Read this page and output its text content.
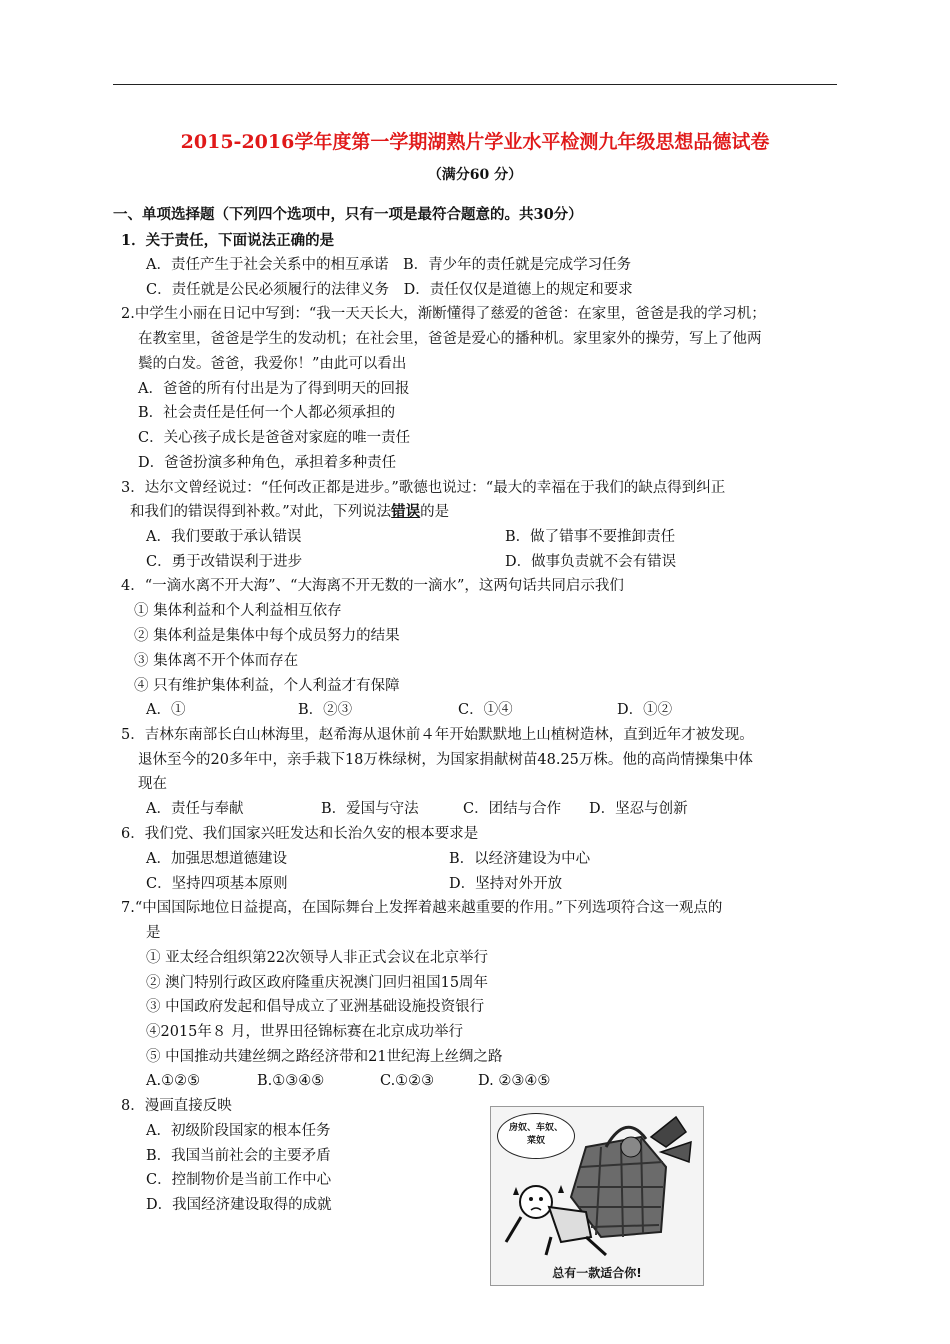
2015-2016学年度第一学期湖熟片学业水平检测九年级思想品德试卷
（满分60 分）
一、单项选择题（下列四个选项中，只有一项是最符合题意的。共30分）
1．关于责任，下面说法正确的是
A．责任产生于社会关系中的相互承诺　B．青少年的责任就是完成学习任务
C．责任就是公民必须履行的法律义务　D．责任仅仅是道德上的规定和要求
2.中学生小丽在日记中写到：“我一天天长大，渐断懂得了慈爱的爸爸：在家里，爸爸是我的学习机；
在教室里，爸爸是学生的发动机；在社会里，爸爸是爱心的播种机。家里家外的操劳，写上了他两
鬓的白发。爸爸，我爱你！”由此可以看出
A．爸爸的所有付出是为了得到明天的回报
B．社会责任是任何一个人都必须承担的
C．关心孩子成长是爸爸对家庭的唯一责任
D．爸爸扮演多种角色，承担着多种责任
3．达尔文曾经说过：“任何改正都是进步。”歌德也说过：“最大的幸福在于我们的缺点得到纠正
和我们的错误得到补救。”对此，下列说法错误的是
A．我们要敢于承认错误	B．做了错事不要推卸责任
C．勇于改错误利于进步	D．做事负责就不会有错误
4．“一滴水离不开大海”、“大海离不开无数的一滴水”，这两句话共同启示我们
① 集体利益和个人利益相互依存
② 集体利益是集体中每个成员努力的结果
③ 集体离不开个体而存在
④ 只有维护集体利益，个人利益才有保障
A．①	B．②③	C．①④	D．①②
5．吉林东南部长白山林海里，赵希海从退休前４年开始默默地上山植树造林，直到近年才被发现。
退休至今的20多年中，亲手栽下18万株绿树，为国家捐献树苗48.25万株。他的高尚情操集中体
现在
A．责任与奉献	B．爱国与守法	C．团结与合作 D．坚忍与创新
6．我们党、我们国家兴旺发达和长治久安的根本要求是
A．加强思想道德建设	B．以经济建设为中心
C．坚持四项基本原则	D．坚持对外开放
7.“中国国际地位日益提高，在国际舞台上发挥着越来越重要的作用。”下列选项符合这一观点的
是
① 亚太经合组织第22次领导人非正式会议在北京举行
② 澳门特别行政区政府隆重庆祝澳门回归祖国15周年
③ 中国政府发起和倡导成立了亚洲基础设施投资银行
④2015年８ 月，世界田径锦标赛在北京成功举行
⑤ 中国推动共建丝绸之路经济带和21世纪海上丝绸之路
A.①②⑤	B.①③④⑤	C.①②③	D. ②③④⑤
8．漫画直接反映
A．初级阶段国家的根本任务
B．我国当前社会的主要矛盾
C．控制物价是当前工作中心
D．我国经济建设取得的成就
房奴、车奴、
菜奴
总有一款适合你!
